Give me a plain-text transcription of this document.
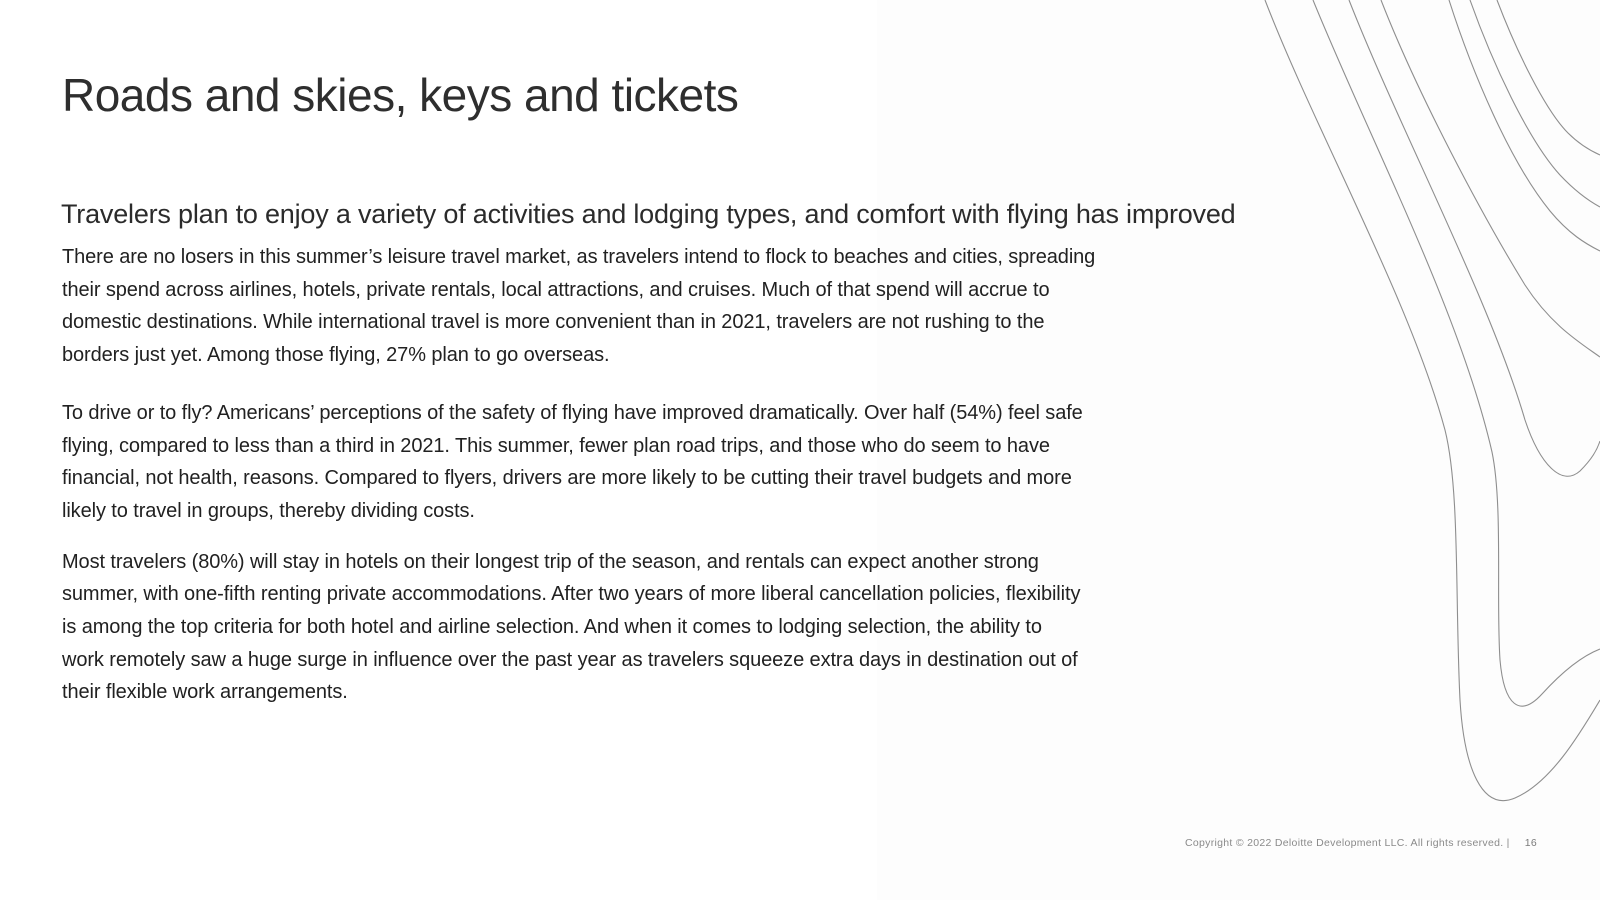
Roads and skies, keys and tickets
Travelers plan to enjoy a variety of activities and lodging types, and comfort with flying has improved
There are no losers in this summer’s leisure travel market, as travelers intend to flock to beaches and cities, spreading
their spend across airlines, hotels, private rentals, local attractions, and cruises. Much of that spend will accrue to
domestic destinations. While international travel is more convenient than in 2021, travelers are not rushing to the
borders just yet. Among those flying, 27% plan to go overseas.
To drive or to fly? Americans’ perceptions of the safety of flying have improved dramatically. Over half (54%) feel safe
flying, compared to less than a third in 2021. This summer, fewer plan road trips, and those who do seem to have
financial, not health, reasons. Compared to flyers, drivers are more likely to be cutting their travel budgets and more
likely to travel in groups, thereby dividing costs.
Most travelers (80%) will stay in hotels on their longest trip of the season, and rentals can expect another strong
summer, with one-fifth renting private accommodations. After two years of more liberal cancellation policies, flexibility
is among the top criteria for both hotel and airline selection. And when it comes to lodging selection, the ability to
work remotely saw a huge surge in influence over the past year as travelers squeeze extra days in destination out of
their flexible work arrangements.
Copyright © 2022 Deloitte Development LLC. All rights reserved. | 16
